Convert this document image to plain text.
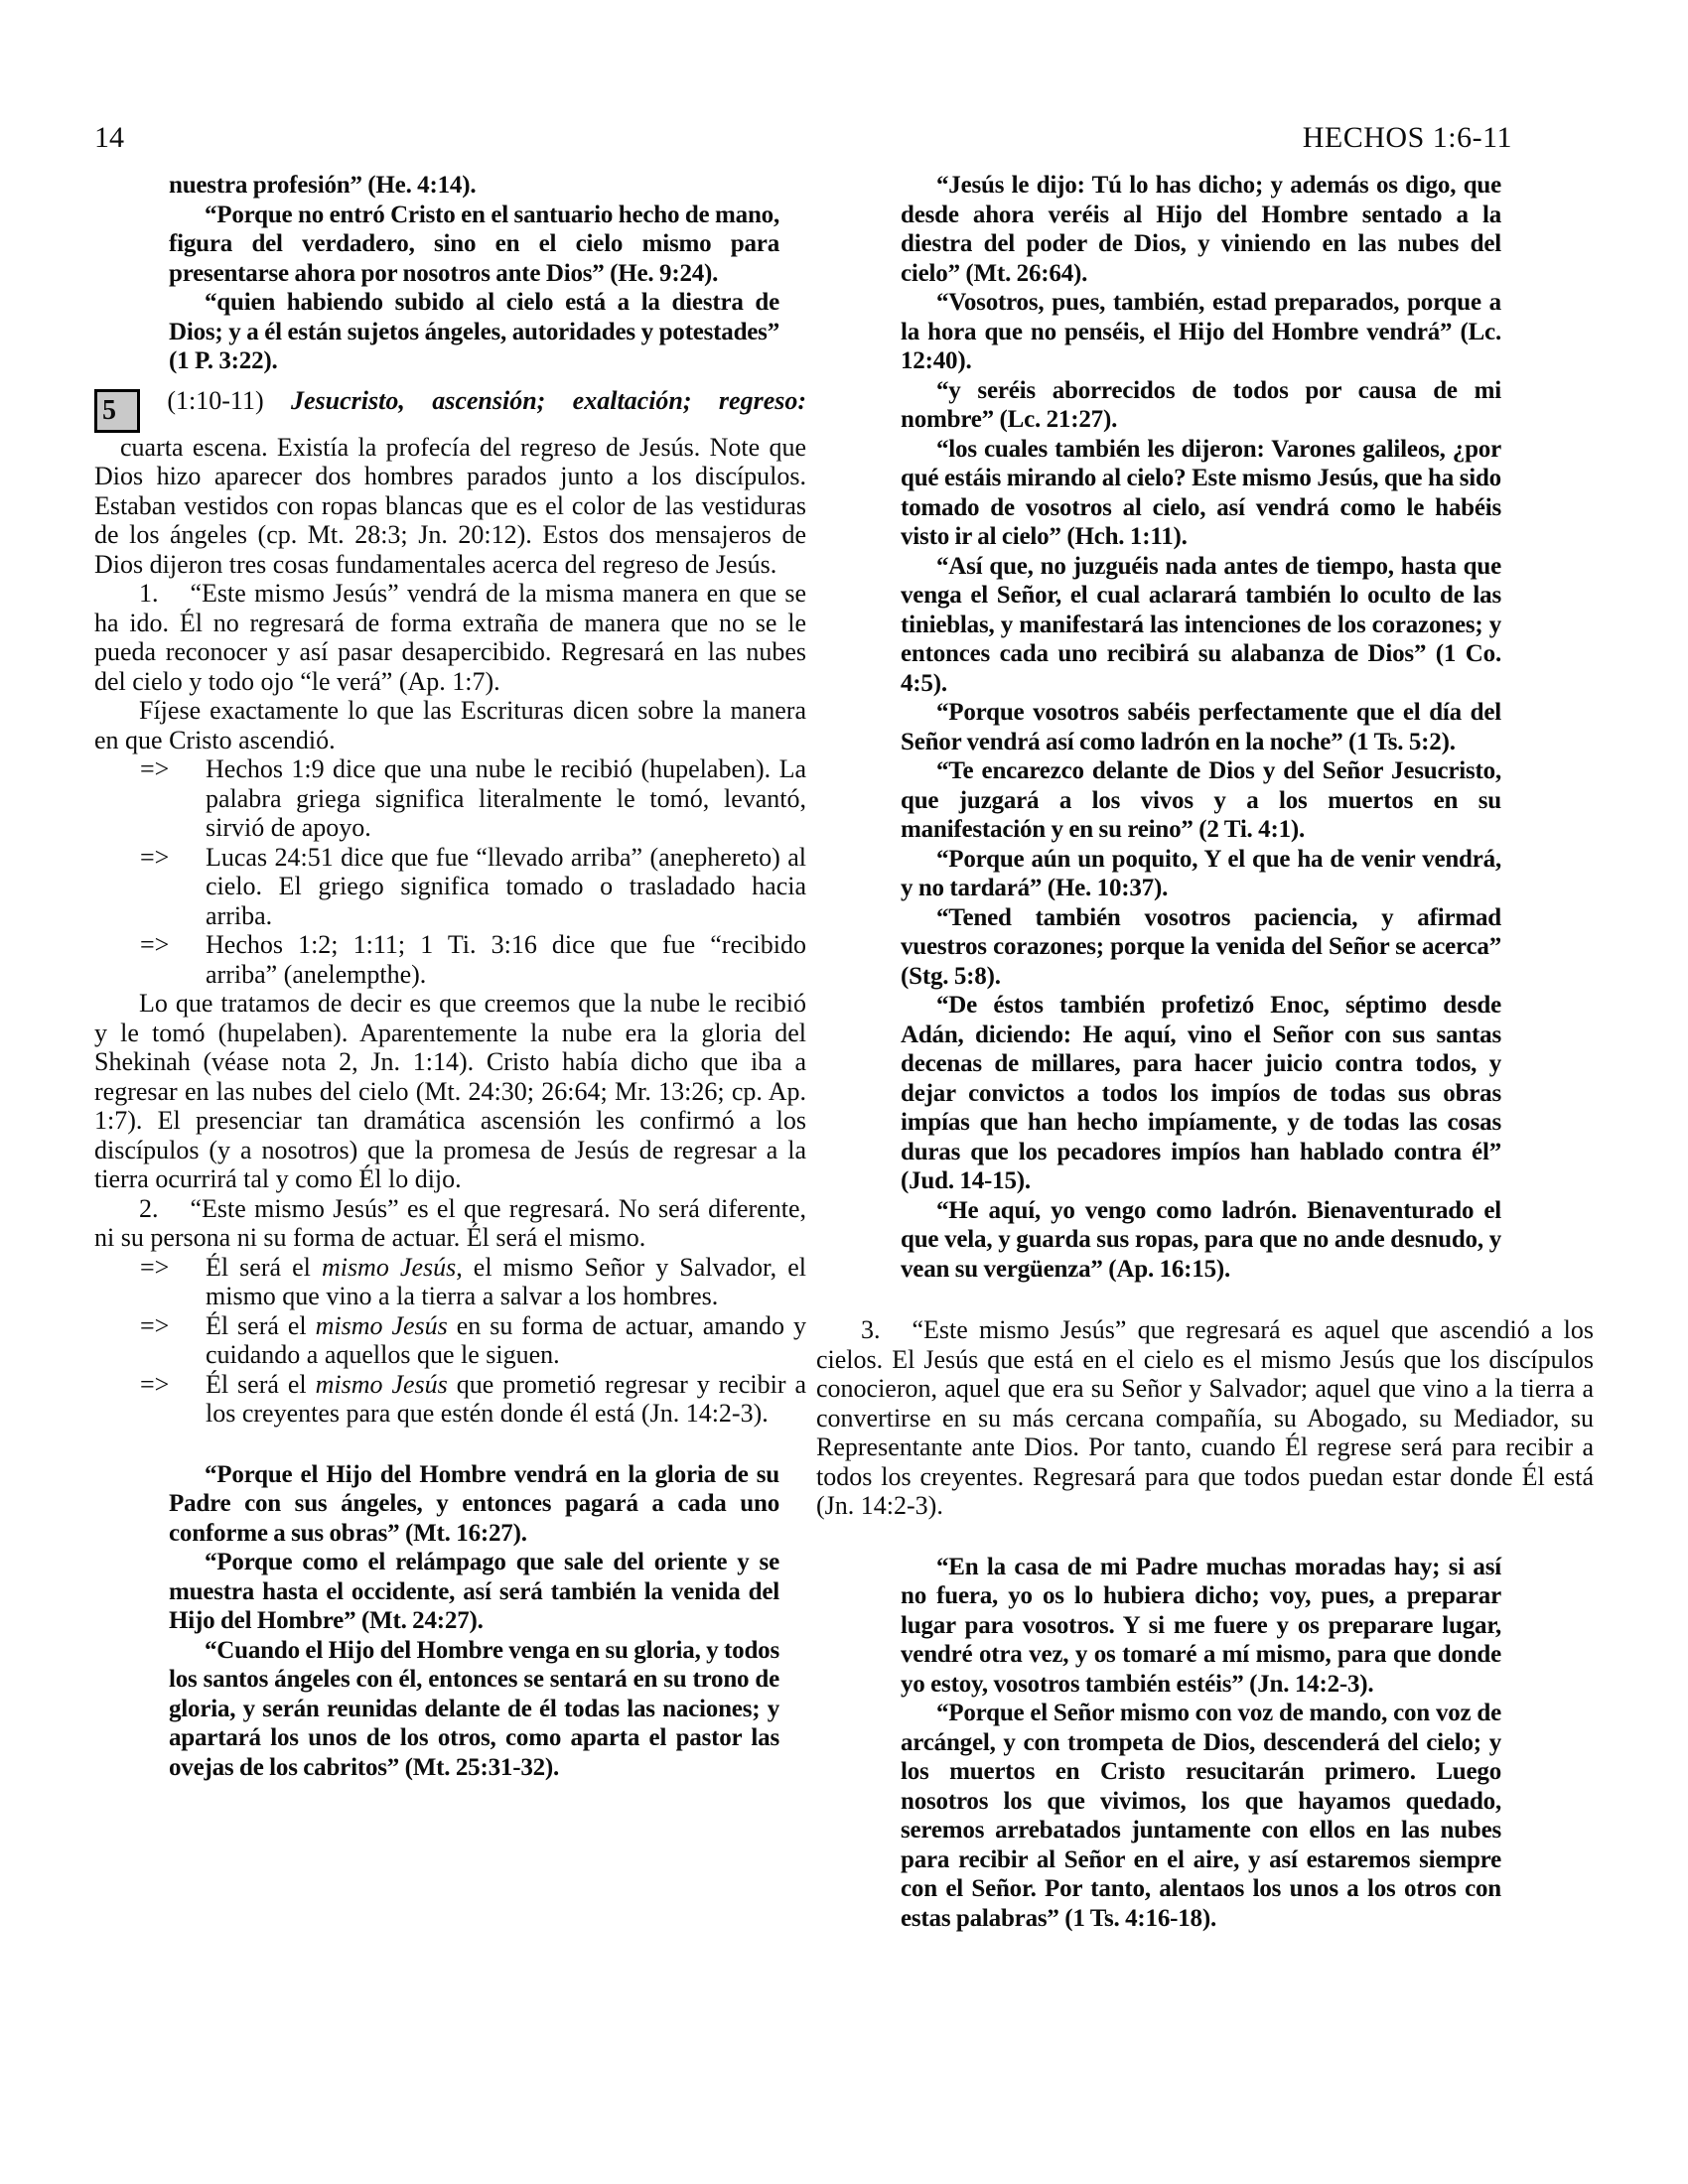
14	HECHOS 1:6-11

nuestra profesión” (He. 4:14).

“Porque no entró Cristo en el santuario hecho de mano, figura del verdadero, sino en el cielo mismo para presentarse ahora por nosotros ante Dios” (He. 9:24).

“quien habiendo subido al cielo está a la diestra de Dios; y a él están sujetos ángeles, autoridades y potestades” (1 P. 3:22).

5 (1:10-11) Jesucristo, ascensión; exaltación; regreso:

cuarta escena. Existía la profecía del regreso de Jesús. Note que Dios hizo aparecer dos hombres parados junto a los discípulos. Estaban vestidos con ropas blancas que es el color de las vestiduras de los ángeles (cp. Mt. 28:3; Jn. 20:12). Estos dos mensajeros de Dios dijeron tres cosas fundamentales acerca del regreso de Jesús.

1. “Este mismo Jesús” vendrá de la misma manera en que se ha ido. Él no regresará de forma extraña de manera que no se le pueda reconocer y así pasar desapercibido. Regresará en las nubes del cielo y todo ojo “le verá” (Ap. 1:7).

Fíjese exactamente lo que las Escrituras dicen sobre la manera en que Cristo ascendió.

=> Hechos 1:9 dice que una nube le recibió (hupelaben). La palabra griega significa literalmente le tomó, levantó, sirvió de apoyo.

=> Lucas 24:51 dice que fue “llevado arriba” (anephereto) al cielo. El griego significa tomado o trasladado hacia arriba.

=> Hechos 1:2; 1:11; 1 Ti. 3:16 dice que fue “recibido arriba” (anelempthe).

Lo que tratamos de decir es que creemos que la nube le recibió y le tomó (hupelaben). Aparentemente la nube era la gloria del Shekinah (véase nota 2, Jn. 1:14). Cristo había dicho que iba a regresar en las nubes del cielo (Mt. 24:30; 26:64; Mr. 13:26; cp. Ap. 1:7). El presenciar tan dramática ascensión les confirmó a los discípulos (y a nosotros) que la promesa de Jesús de regresar a la tierra ocurrirá tal y como Él lo dijo.

2. “Este mismo Jesús” es el que regresará. No será diferente, ni su persona ni su forma de actuar. Él será el mismo.

=> Él será el mismo Jesús, el mismo Señor y Salvador, el mismo que vino a la tierra a salvar a los hombres.

=> Él será el mismo Jesús en su forma de actuar, amando y cuidando a aquellos que le siguen.

=> Él será el mismo Jesús que prometió regresar y recibir a los creyentes para que estén donde él está (Jn. 14:2-3).

“Porque el Hijo del Hombre vendrá en la gloria de su Padre con sus ángeles, y entonces pagará a cada uno conforme a sus obras” (Mt. 16:27).

“Porque como el relámpago que sale del oriente y se muestra hasta el occidente, así será también la venida del Hijo del Hombre” (Mt. 24:27).

“Cuando el Hijo del Hombre venga en su gloria, y todos los santos ángeles con él, entonces se sentará en su trono de gloria, y serán reunidas delante de él todas las naciones; y apartará los unos de los otros, como aparta el pastor las ovejas de los cabritos” (Mt. 25:31-32).

“Jesús le dijo: Tú lo has dicho; y además os digo, que desde ahora veréis al Hijo del Hombre sentado a la diestra del poder de Dios, y viniendo en las nubes del cielo” (Mt. 26:64).

“Vosotros, pues, también, estad preparados, porque a la hora que no penséis, el Hijo del Hombre vendrá” (Lc. 12:40).

“y seréis aborrecidos de todos por causa de mi nombre” (Lc. 21:27).

“los cuales también les dijeron: Varones galileos, ¿por qué estáis mirando al cielo? Este mismo Jesús, que ha sido tomado de vosotros al cielo, así vendrá como le habéis visto ir al cielo” (Hch. 1:11).

“Así que, no juzguéis nada antes de tiempo, hasta que venga el Señor, el cual aclarará también lo oculto de las tinieblas, y manifestará las intenciones de los corazones; y entonces cada uno recibirá su alabanza de Dios” (1 Co. 4:5).

“Porque vosotros sabéis perfectamente que el día del Señor vendrá así como ladrón en la noche” (1 Ts. 5:2).

“Te encarezco delante de Dios y del Señor Jesucristo, que juzgará a los vivos y a los muertos en su manifestación y en su reino” (2 Ti. 4:1).

“Porque aún un poquito, Y el que ha de venir vendrá, y no tardará” (He. 10:37).

“Tened también vosotros paciencia, y afirmad vuestros corazones; porque la venida del Señor se acerca” (Stg. 5:8).

“De éstos también profetizó Enoc, séptimo desde Adán, diciendo: He aquí, vino el Señor con sus santas decenas de millares, para hacer juicio contra todos, y dejar convictos a todos los impíos de todas sus obras impías que han hecho impíamente, y de todas las cosas duras que los pecadores impíos han hablado contra él” (Jud. 14-15).

“He aquí, yo vengo como ladrón. Bienaventurado el que vela, y guarda sus ropas, para que no ande desnudo, y vean su vergüenza” (Ap. 16:15).

3. “Este mismo Jesús” que regresará es aquel que ascendió a los cielos. El Jesús que está en el cielo es el mismo Jesús que los discípulos conocieron, aquel que era su Señor y Salvador; aquel que vino a la tierra a convertirse en su más cercana compañía, su Abogado, su Mediador, su Representante ante Dios. Por tanto, cuando Él regrese será para recibir a todos los creyentes. Regresará para que todos puedan estar donde Él está (Jn. 14:2-3).

“En la casa de mi Padre muchas moradas hay; si así no fuera, yo os lo hubiera dicho; voy, pues, a preparar lugar para vosotros. Y si me fuere y os preparare lugar, vendré otra vez, y os tomaré a mí mismo, para que donde yo estoy, vosotros también estéis” (Jn. 14:2-3).

“Porque el Señor mismo con voz de mando, con voz de arcángel, y con trompeta de Dios, descenderá del cielo; y los muertos en Cristo resucitarán primero. Luego nosotros los que vivimos, los que hayamos quedado, seremos arrebatados juntamente con ellos en las nubes para recibir al Señor en el aire, y así estaremos siempre con el Señor. Por tanto, alentaos los unos a los otros con estas palabras” (1 Ts. 4:16-18).
